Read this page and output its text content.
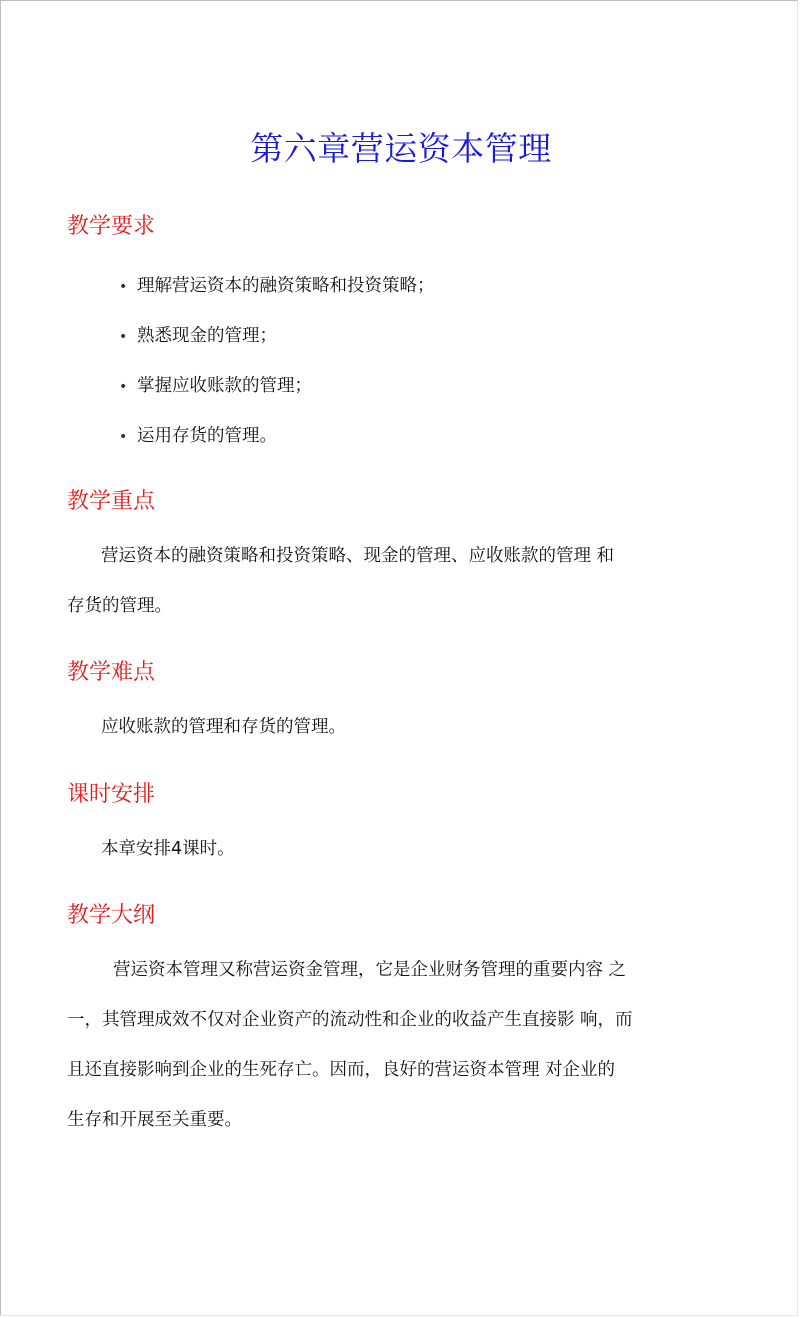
第六章营运资本管理
教学要求
• 理解营运资本的融资策略和投资策略；
• 熟悉现金的管理；
• 掌握应收账款的管理；
• 运用存货的管理。
教学重点

营运资本的融资策略和投资策略、现金的管理、应收账款的管理 和
存货的管理。

教学难点

应收账款的管理和存货的管理。

课时安排

本章安排4课时。

教学大纲

营运资本管理又称营运资金管理，它是企业财务管理的重要内容 之
一，其管理成效不仅对企业资产的流动性和企业的收益产生直接影 响，而
且还直接影响到企业的生死存亡。因而，良好的营运资本管理 对企业的
生存和开展至关重要。
